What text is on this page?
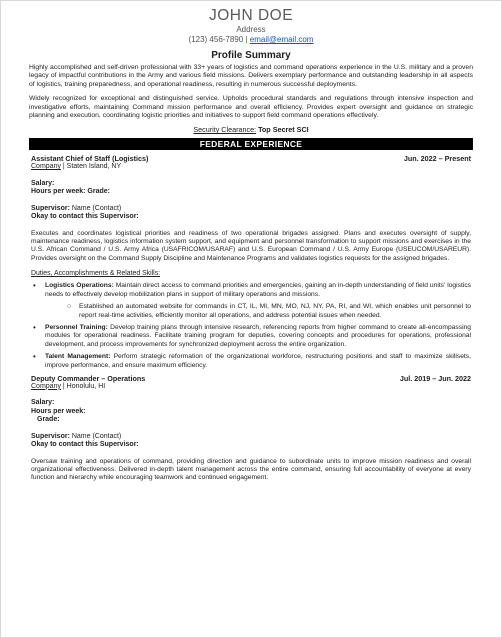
JOHN DOE
Address
(123) 456-7890 | email@email.com
Profile Summary
Highly accomplished and self-driven professional with 33+ years of logistics and command operations experience in the U.S. military and a proven legacy of impactful contributions in the Army and various field missions. Delivers exemplary performance and outstanding leadership in all aspects of logistics, training preparedness, and operational readiness, resulting in numerous successful deployments.
Widely recognized for exceptional and distinguished service. Upholds procedural standards and regulations through intensive inspection and investigative efforts, maintaining Command mission performance and overall efficiency. Provides expert oversight and guidance on strategic planning and execution, coordinating logistic priorities and initiatives to support field command operations effectively.
Security Clearance: Top Secret SCI
FEDERAL EXPERIENCE
Assistant Chief of Staff (Logistics)	Jun. 2022 – Present
Company | Staten Island, NY
Salary:
Hours per week: Grade:
Supervisor: Name (Contact)
Okay to contact this Supervisor:
Executes and coordinates logistical priorities and readiness of two operational brigades assigned. Plans and executes oversight of supply, maintenance readiness, logistics information system support, and equipment and personnel transformation to support missions and exercises in the U.S. African Command / U.S. Army Africa (USAFRICOM/USARAF) and U.S. European Command / U.S. Army Europe (USEUCOM/USAREUR). Provides oversight on the Command Supply Discipline and Maintenance Programs and validates logistics requests for the assigned brigades.
Duties, Accomplishments & Related Skills:
• Logistics Operations: Maintain direct access to command priorities and emergencies, gaining an in-depth understanding of field units' logistics needs to effectively develop mobilization plans in support of military operations and missions.
○ Established an automated website for commands in CT, IL, MI, MN, MO, NJ, NY, PA, RI, and WI, which enables unit personnel to report real-time activities, efficiently monitor all operations, and address potential issues when needed.
• Personnel Training: Develop training plans through intensive research, referencing reports from higher command to create all-encompassing modules for operational readiness. Facilitate training program for deputies, covering concepts and procedures for operations, professional development, and process improvements for synchronized deployment across the entire organization.
• Talent Management: Perform strategic reformation of the organizational workforce, restructuring positions and staff to maximize skillsets, improve performance, and ensure maximum efficiency.
Deputy Commander – Operations	Jul. 2019 – Jun. 2022
Company | Honolulu, HI
Salary:
Hours per week:
Grade:
Supervisor: Name (Contact)
Okay to contact this Supervisor:
Oversaw training and operations of command, providing direction and guidance to subordinate units to improve mission readiness and overall organizational effectiveness. Delivered in-depth talent management across the entire command, ensuring full accountability of everyone at every function and hierarchy while encouraging teamwork and continued engagement.
